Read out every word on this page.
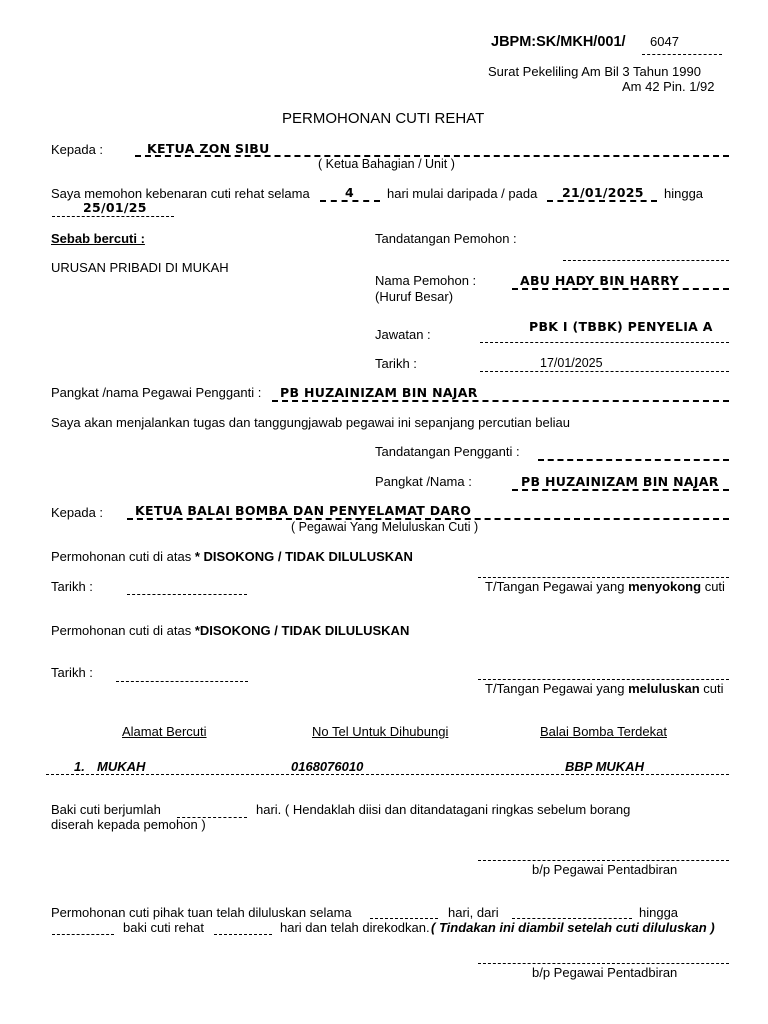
JBPM:SK/MKH/001/ 6047
Surat Pekeliling Am Bil 3 Tahun 1990
Am 42 Pin. 1/92
PERMOHONAN CUTI REHAT
Kepada :	KETUA ZON SIBU
( Ketua Bahagian / Unit )
Saya memohon kebenaran cuti rehat selama	4	hari mulai daripada / pada 21/01/2025 hingga
25/01/25
Sebab bercuti :
URUSAN PRIBADI DI MUKAH
Tandatangan Pemohon :
Nama Pemohon :
(Huruf Besar)
ABU HADY BIN HARRY
Jawatan :
PBK I (TBBK) PENYELIA A
Tarikh :	17/01/2025
Pangkat /nama Pegawai Pengganti : PB HUZAINIZAM BIN NAJAR
Saya akan menjalankan tugas dan tanggungjawab pegawai ini sepanjang percutian beliau
Tandatangan Pengganti :
Pangkat /Nama :	PB HUZAINIZAM BIN NAJAR
Kepada :	KETUA BALAI BOMBA DAN PENYELAMAT DARO
( Pegawai Yang Meluluskan Cuti )
Permohonan cuti di atas * DISOKONG / TIDAK DILULUSKAN
Tarikh :	T/Tangan Pegawai yang menyokong cuti
Permohonan cuti di atas *DISOKONG / TIDAK DILULUSKAN
Tarikh :
T/Tangan Pegawai yang meluluskan cuti
Alamat Bercuti	No Tel Untuk Dihubungi	Balai Bomba Terdekat
1. MUKAH	0168076010	BBP MUKAH
Baki cuti berjumlah	hari. ( Hendaklah diisi dan ditandatagani ringkas sebelum borang
diserah kepada pemohon )
b/p Pegawai Pentadbiran
Permohonan cuti pihak tuan telah diluluskan selama	hari, dari	hingga
baki cuti rehat	hari dan telah direkodkan. ( Tindakan ini diambil setelah cuti diluluskan )
b/p Pegawai Pentadbiran
